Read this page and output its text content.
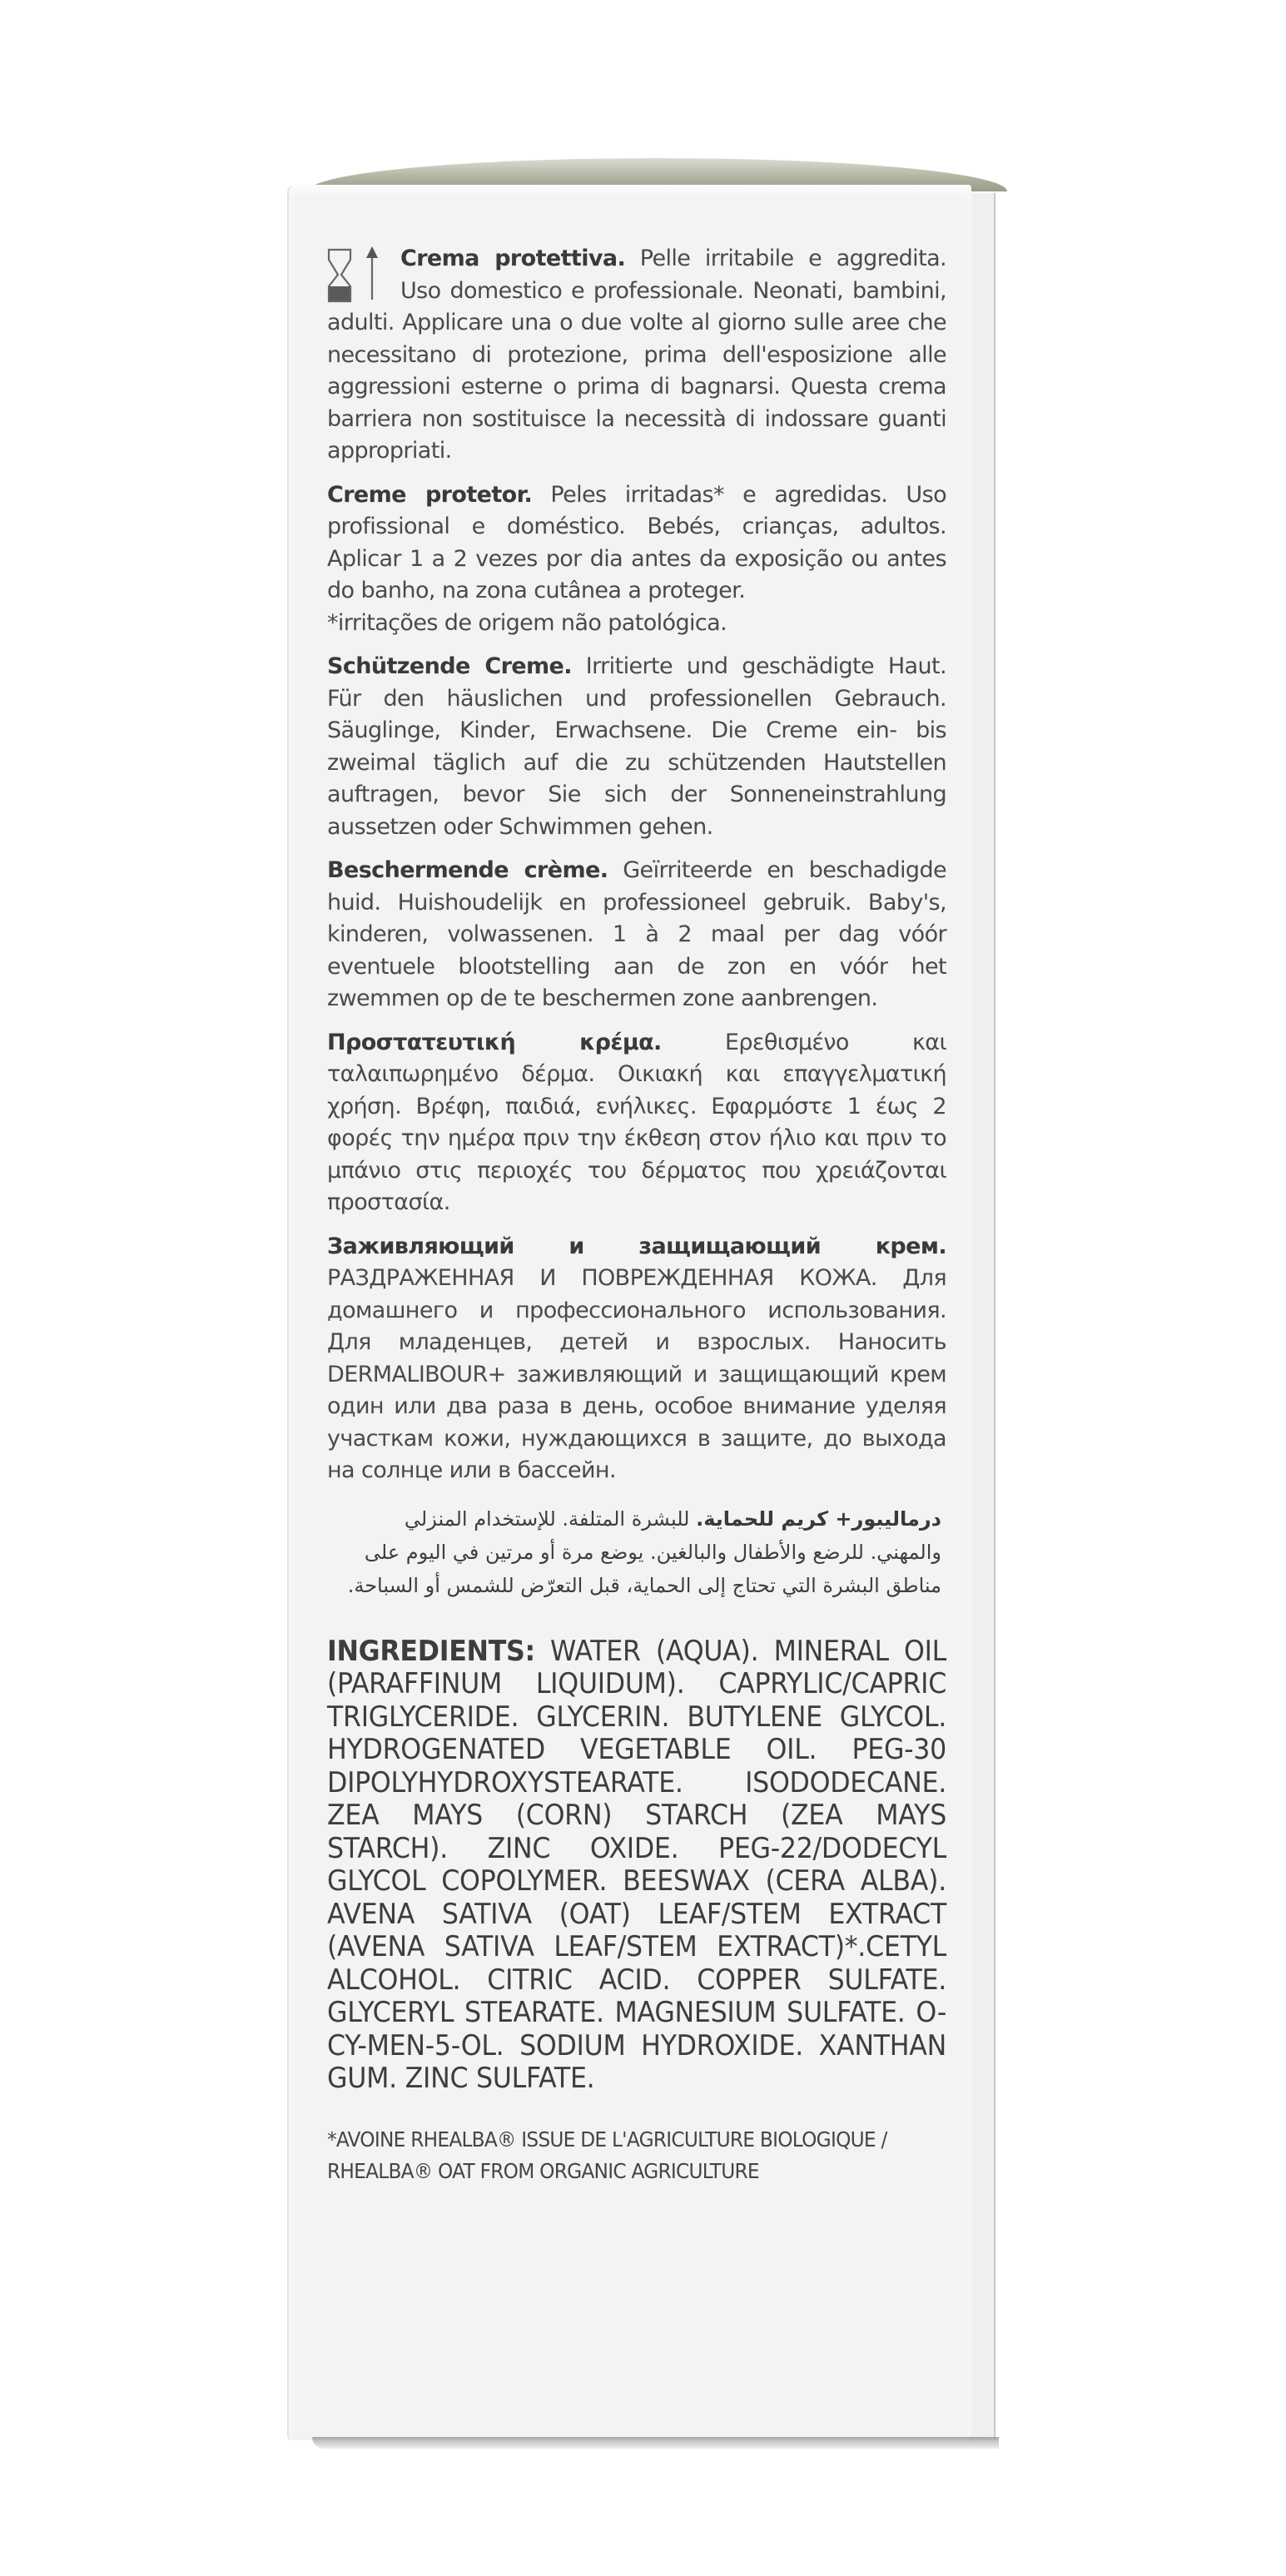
Crema protettiva. Pelle irritabile e aggredita. Uso domestico e professionale. Neonati, bambini, adulti. Applicare una o due volte al giorno sulle aree che necessitano di protezione, prima dell'esposizione alle aggressioni esterne o prima di bagnarsi. Questa crema barriera non sostituisce la necessità di indossare guanti appropriati.

Creme protetor. Peles irritadas* e agredidas. Uso profissional e doméstico. Bebés, crianças, adultos. Aplicar 1 a 2 vezes por dia antes da exposição ou antes do banho, na zona cutânea a proteger.
*irritações de origem não patológica.

Schützende Creme. Irritierte und geschädigte Haut. Für den häuslichen und professionellen Gebrauch. Säuglinge, Kinder, Erwachsene. Die Creme ein- bis zweimal täglich auf die zu schützenden Hautstellen auftragen, bevor Sie sich der Sonneneinstrahlung aussetzen oder Schwimmen gehen.

Beschermende crème. Geïrriteerde en beschadigde huid. Huishoudelijk en professioneel gebruik. Baby's, kinderen, volwassenen. 1 à 2 maal per dag vóór eventuele blootstelling aan de zon en vóór het zwemmen op de te beschermen zone aanbrengen.

Προστατευτική κρέμα. Ερεθισμένο και ταλαιπωρημένο δέρμα. Οικιακή και επαγγελματική χρήση. Βρέφη, παιδιά, ενήλικες. Εφαρμόστε 1 έως 2 φορές την ημέρα πριν την έκθεση στον ήλιο και πριν το μπάνιο στις περιοχές του δέρματος που χρειάζονται προστασία.

Заживляющий и защищающий крем. РАЗДРАЖЕННАЯ И ПОВРЕЖДЕННАЯ КОЖА. Для домашнего и профессионального использования. Для младенцев, детей и взрослых. Наносить DERMALIBOUR+ заживляющий и защищающий крем один или два раза в день, особое внимание уделяя участкам кожи, нуждающихся в защите, до выхода на солнце или в бассейн.

درماليبور+ كريم للحماية. للبشرة المتلفة. للإستخدام المنزلي والمهني. للرضع والأطفال والبالغين. يوضع مرة أو مرتين في اليوم على مناطق البشرة التي تحتاج إلى الحماية، قبل التعرّض للشمس أو السباحة.

INGREDIENTS: WATER (AQUA). MINERAL OIL (PARAFFINUM LIQUIDUM). CAPRYLIC/CAPRIC TRIGLYCERIDE. GLYCERIN. BUTYLENE GLYCOL. HYDROGENATED VEGETABLE OIL. PEG-30 DIPOLYHYDROXYSTEARATE. ISODODECANE. ZEA MAYS (CORN) STARCH (ZEA MAYS STARCH). ZINC OXIDE. PEG-22/DODECYL GLYCOL COPOLYMER. BEESWAX (CERA ALBA). AVENA SATIVA (OAT) LEAF/STEM EXTRACT (AVENA SATIVA LEAF/STEM EXTRACT)*.CETYL ALCOHOL. CITRIC ACID. COPPER SULFATE. GLYCERYL STEARATE. MAGNESIUM SULFATE. O-CY-MEN-5-OL. SODIUM HYDROXIDE. XANTHAN GUM. ZINC SULFATE.

*AVOINE RHEALBA® ISSUE DE L'AGRICULTURE BIOLOGIQUE /
RHEALBA® OAT FROM ORGANIC AGRICULTURE
